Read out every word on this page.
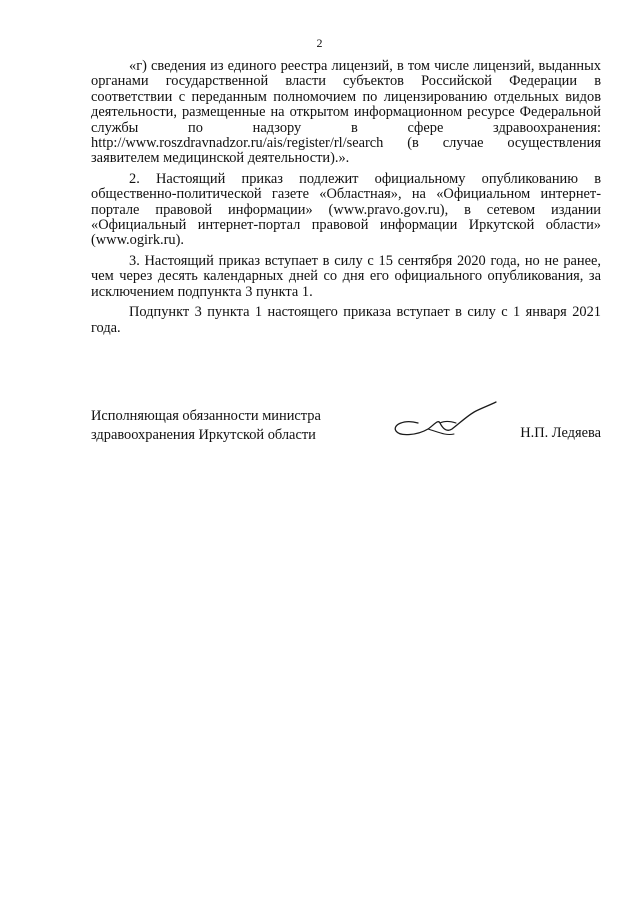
2

«г) сведения из единого реестра лицензий, в том числе лицензий, выданных органами государственной власти субъектов Российской Федерации в соответствии с переданным полномочием по лицензированию отдельных видов деятельности, размещенные на открытом информационном ресурсе Федеральной службы по надзору в сфере здравоохранения: http://www.roszdravnadzor.ru/ais/register/rl/search (в случае осуществления заявителем медицинской деятельности).».

2. Настоящий приказ подлежит официальному опубликованию в общественно-политической газете «Областная», на «Официальном интернет-портале правовой информации» (www.pravo.gov.ru), в сетевом издании «Официальный интернет-портал правовой информации Иркутской области» (www.ogirk.ru).

3. Настоящий приказ вступает в силу с 15 сентября 2020 года, но не ранее, чем через десять календарных дней со дня его официального опубликования, за исключением подпункта 3 пункта 1.

Подпункт 3 пункта 1 настоящего приказа вступает в силу с 1 января 2021 года.

Исполняющая обязанности министра
здравоохранения Иркутской области	Н.П. Ледяева
